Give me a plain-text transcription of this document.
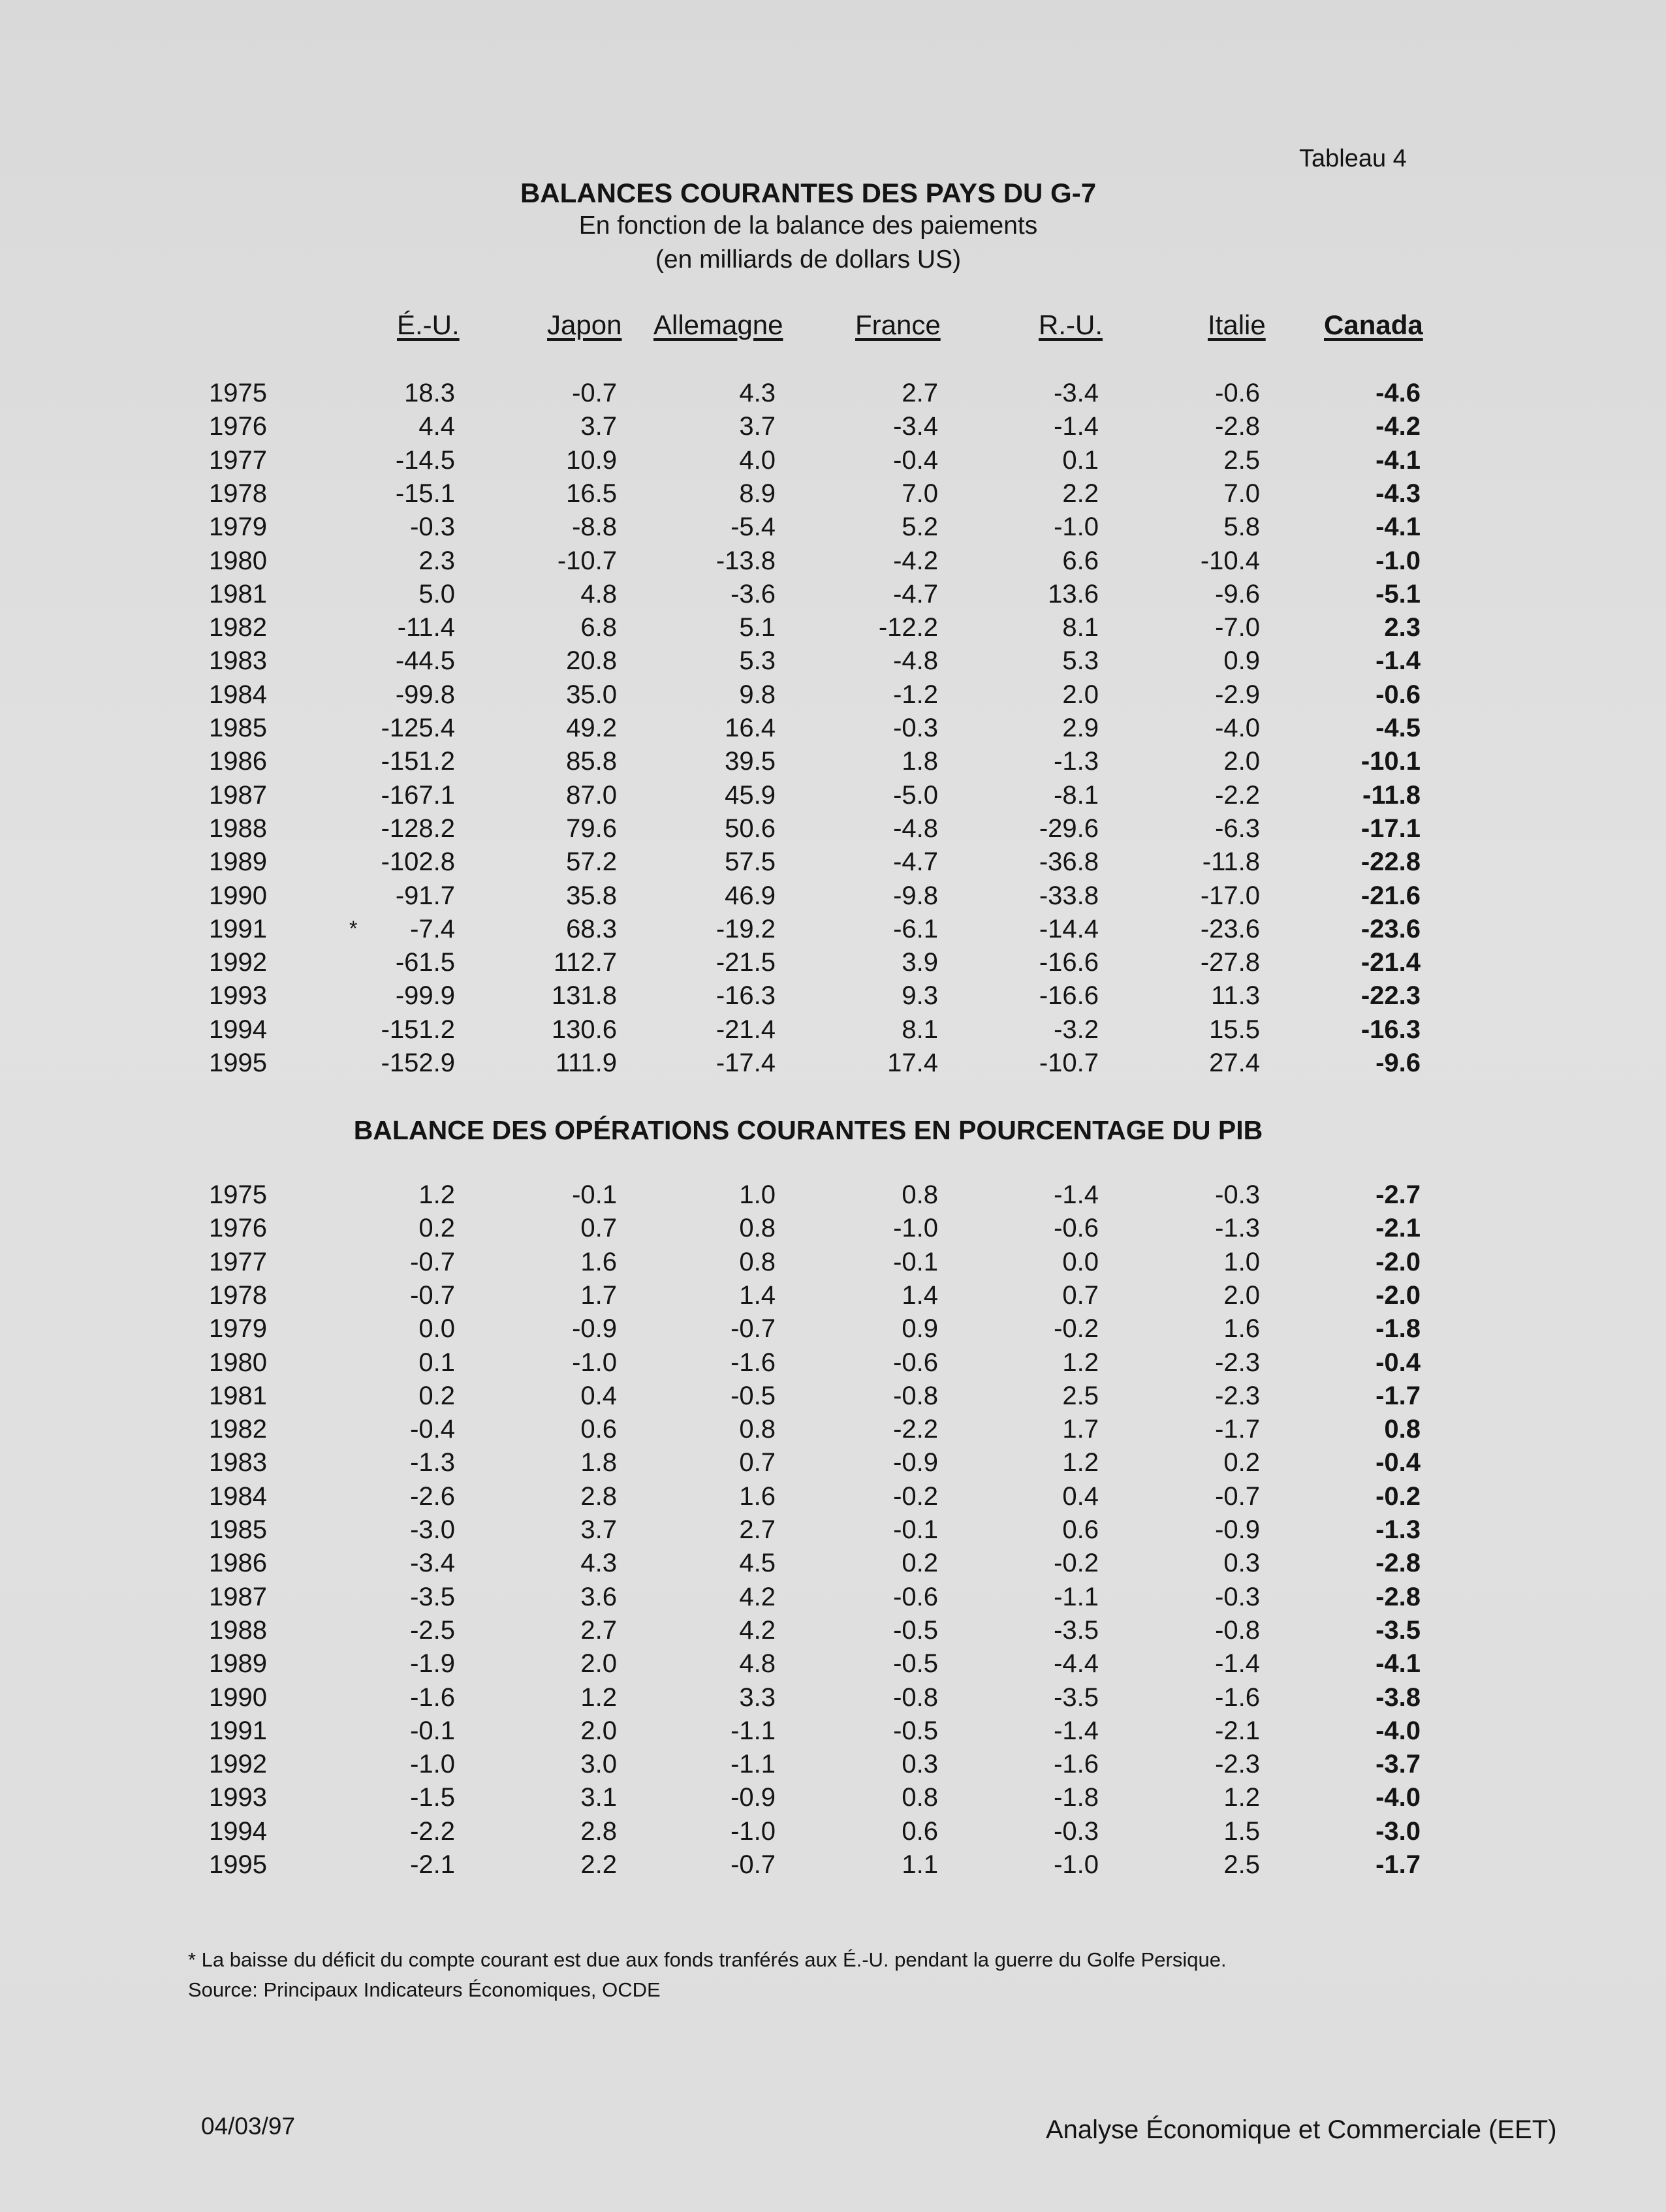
Tableau 4
BALANCES COURANTES DES PAYS DU G-7
En fonction de la balance des paiements
(en milliards de dollars US)
É.-U.	Japon Allemagne	France	R.-U.	Italie Canada
1975	18.3	-0.7	4.3	2.7	-3.4	-0.6	-4.6
1976	4.4	3.7	3.7	-3.4	-1.4	-2.8	-4.2
1977	-14.5	10.9	4.0	-0.4	0.1	2.5	-4.1
1978	-15.1	16.5	8.9	7.0	2.2	7.0	-4.3
1979	-0.3	-8.8	-5.4	5.2	-1.0	5.8	-4.1
1980	2.3	-10.7	-13.8	-4.2	6.6	-10.4	-1.0
1981	5.0	4.8	-3.6	-4.7	13.6	-9.6	-5.1
1982	-11.4	6.8	5.1	-12.2	8.1	-7.0	2.3
1983	-44.5	20.8	5.3	-4.8	5.3	0.9	-1.4
1984	-99.8	35.0	9.8	-1.2	2.0	-2.9	-0.6
1985	-125.4	49.2	16.4	-0.3	2.9	-4.0	-4.5
1986	-151.2	85.8	39.5	1.8	-1.3	2.0	-10.1
1987	-167.1	87.0	45.9	-5.0	-8.1	-2.2	-11.8
1988	-128.2	79.6	50.6	-4.8	-29.6	-6.3	-17.1
1989	-102.8	57.2	57.5	-4.7	-36.8	-11.8	-22.8
1990	-91.7	35.8	46.9	-9.8	-33.8	-17.0	-21.6
1991	-7.4	68.3	-19.2	-6.1	-14.4	-23.6	-23.6
1992	-61.5	112.7	-21.5	3.9	-16.6	-27.8	-21.4
1993	-99.9	131.8	-16.3	9.3	-16.6	11.3	-22.3
1994	-151.2	130.6	-21.4	8.1	-3.2	15.5	-16.3
1995	-152.9	111.9	-17.4	17.4	-10.7	27.4	-9.6
*
BALANCE DES OPÉRATIONS COURANTES EN POURCENTAGE DU PIB
1975	1.2	-0.1	1.0	0.8	-1.4	-0.3	-2.7
1976	0.2	0.7	0.8	-1.0	-0.6	-1.3	-2.1
1977	-0.7	1.6	0.8	-0.1	0.0	1.0	-2.0
1978	-0.7	1.7	1.4	1.4	0.7	2.0	-2.0
1979	0.0	-0.9	-0.7	0.9	-0.2	1.6	-1.8
1980	0.1	-1.0	-1.6	-0.6	1.2	-2.3	-0.4
1981	0.2	0.4	-0.5	-0.8	2.5	-2.3	-1.7
1982	-0.4	0.6	0.8	-2.2	1.7	-1.7	0.8
1983	-1.3	1.8	0.7	-0.9	1.2	0.2	-0.4
1984	-2.6	2.8	1.6	-0.2	0.4	-0.7	-0.2
1985	-3.0	3.7	2.7	-0.1	0.6	-0.9	-1.3
1986	-3.4	4.3	4.5	0.2	-0.2	0.3	-2.8
1987	-3.5	3.6	4.2	-0.6	-1.1	-0.3	-2.8
1988	-2.5	2.7	4.2	-0.5	-3.5	-0.8	-3.5
1989	-1.9	2.0	4.8	-0.5	-4.4	-1.4	-4.1
1990	-1.6	1.2	3.3	-0.8	-3.5	-1.6	-3.8
1991	-0.1	2.0	-1.1	-0.5	-1.4	-2.1	-4.0
1992	-1.0	3.0	-1.1	0.3	-1.6	-2.3	-3.7
1993	-1.5	3.1	-0.9	0.8	-1.8	1.2	-4.0
1994	-2.2	2.8	-1.0	0.6	-0.3	1.5	-3.0
1995	-2.1	2.2	-0.7	1.1	-1.0	2.5	-1.7
* La baisse du déficit du compte courant est due aux fonds tranférés aux É.-U. pendant la guerre du Golfe Persique.
Source: Principaux Indicateurs Économiques, OCDE
04/03/97	Analyse Économique et Commerciale (EET)
